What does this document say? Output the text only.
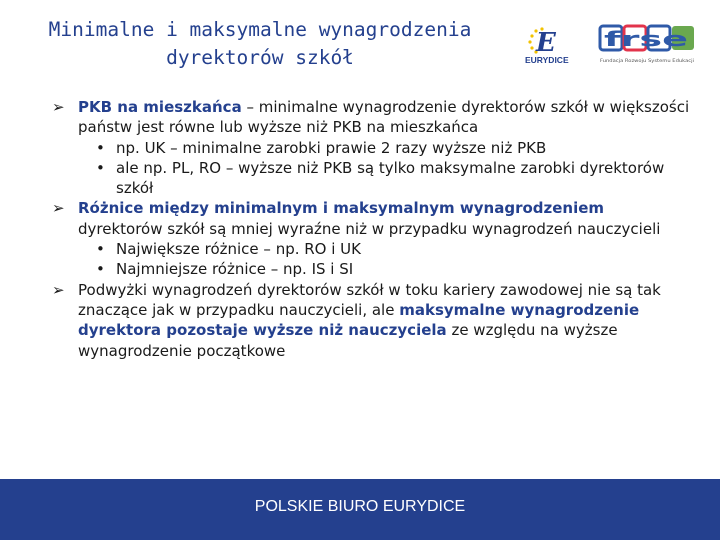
Minimalne i maksymalne wynagrodzenia
dyrektorów szkół	E
EURYDICE
frse
Fundacja Rozwoju Systemu Edukacji
➢ PKB na mieszkańca – minimalne wynagrodzenie dyrektorów szkół w większości państw jest równe lub wyższe niż PKB na mieszkańca
• np. UK – minimalne zarobki prawie 2 razy wyższe niż PKB
• ale np. PL, RO – wyższe niż PKB są tylko maksymalne zarobki dyrektorów szkół
➢ Różnice między minimalnym i maksymalnym wynagrodzeniem dyrektorów szkół są mniej wyraźne niż w przypadku wynagrodzeń nauczycieli
• Największe różnice – np. RO i UK
• Najmniejsze różnice – np. IS i SI
➢ Podwyżki wynagrodzeń dyrektorów szkół w toku kariery zawodowej nie są tak znaczące jak w przypadku nauczycieli, ale maksymalne wynagrodzenie dyrektora pozostaje wyższe niż nauczyciela ze względu na wyższe wynagrodzenie początkowe
POLSKIE BIURO EURYDICE
